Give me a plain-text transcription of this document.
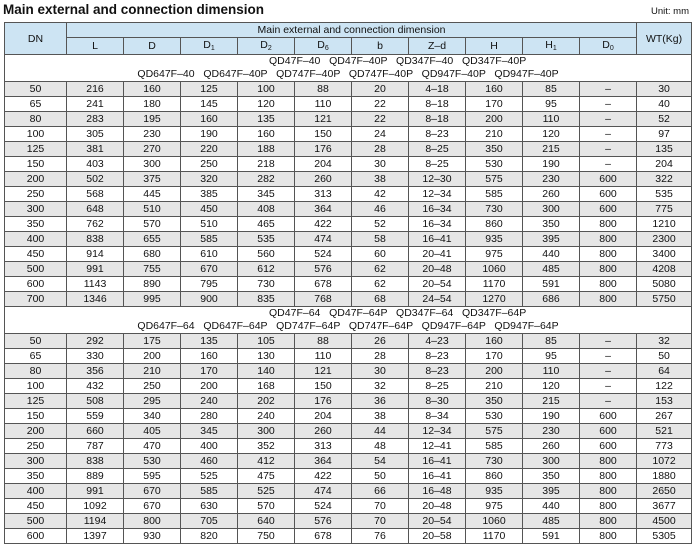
Main external and connection dimension	Unit: mm
DN	Main external and connection dimension										WT(Kg)
	L	D	$D_1$	$D_2$	$D_6$	b	Z–d	H	$H_1$	$D_0$

QD47F–40   QD47F–40P   QD347F–40   QD347F–40P
QD647F–40   QD647F–40P   QD747F–40P   QD747F–40P   QD947F–40P   QD947F–40P											

50	216	160	125	100	88	20	4–18	160	85	–	30
65	241	180	145	120	110	22	8–18	170	95	–	40
80	283	195	160	135	121	22	8–18	200	110	–	52
100	305	230	190	160	150	24	8–23	210	120	–	97
125	381	270	220	188	176	28	8–25	350	215	–	135
150	403	300	250	218	204	30	8–25	530	190	–	204
200	502	375	320	282	260	38	12–30	575	230	600	322
250	568	445	385	345	313	42	12–34	585	260	600	535
300	648	510	450	408	364	46	16–34	730	300	600	775
350	762	570	510	465	422	52	16–34	860	350	800	1210
400	838	655	585	535	474	58	16–41	935	395	800	2300
450	914	680	610	560	524	60	20–41	975	440	800	3400
500	991	755	670	612	576	62	20–48	1060	485	800	4208
600	1143	890	795	730	678	62	20–54	1170	591	800	5080
700	1346	995	900	835	768	68	24–54	1270	686	800	5750

QD47F–64   QD47F–64P   QD347F–64   QD347F–64P
QD647F–64   QD647F–64P   QD747F–64P   QD747F–64P   QD947F–64P   QD947F–64P											

50	292	175	135	105	88	26	4–23	160	85	–	32
65	330	200	160	130	110	28	8–23	170	95	–	50
80	356	210	170	140	121	30	8–23	200	110	–	64
100	432	250	200	168	150	32	8–25	210	120	–	122
125	508	295	240	202	176	36	8–30	350	215	–	153
150	559	340	280	240	204	38	8–34	530	190	600	267
200	660	405	345	300	260	44	12–34	575	230	600	521
250	787	470	400	352	313	48	12–41	585	260	600	773
300	838	530	460	412	364	54	16–41	730	300	800	1072
350	889	595	525	475	422	50	16–41	860	350	800	1880
400	991	670	585	525	474	66	16–48	935	395	800	2650
450	1092	670	630	570	524	70	20–48	975	440	800	3677
500	1194	800	705	640	576	70	20–54	1060	485	800	4500
600	1397	930	820	750	678	76	20–58	1170	591	800	5305
